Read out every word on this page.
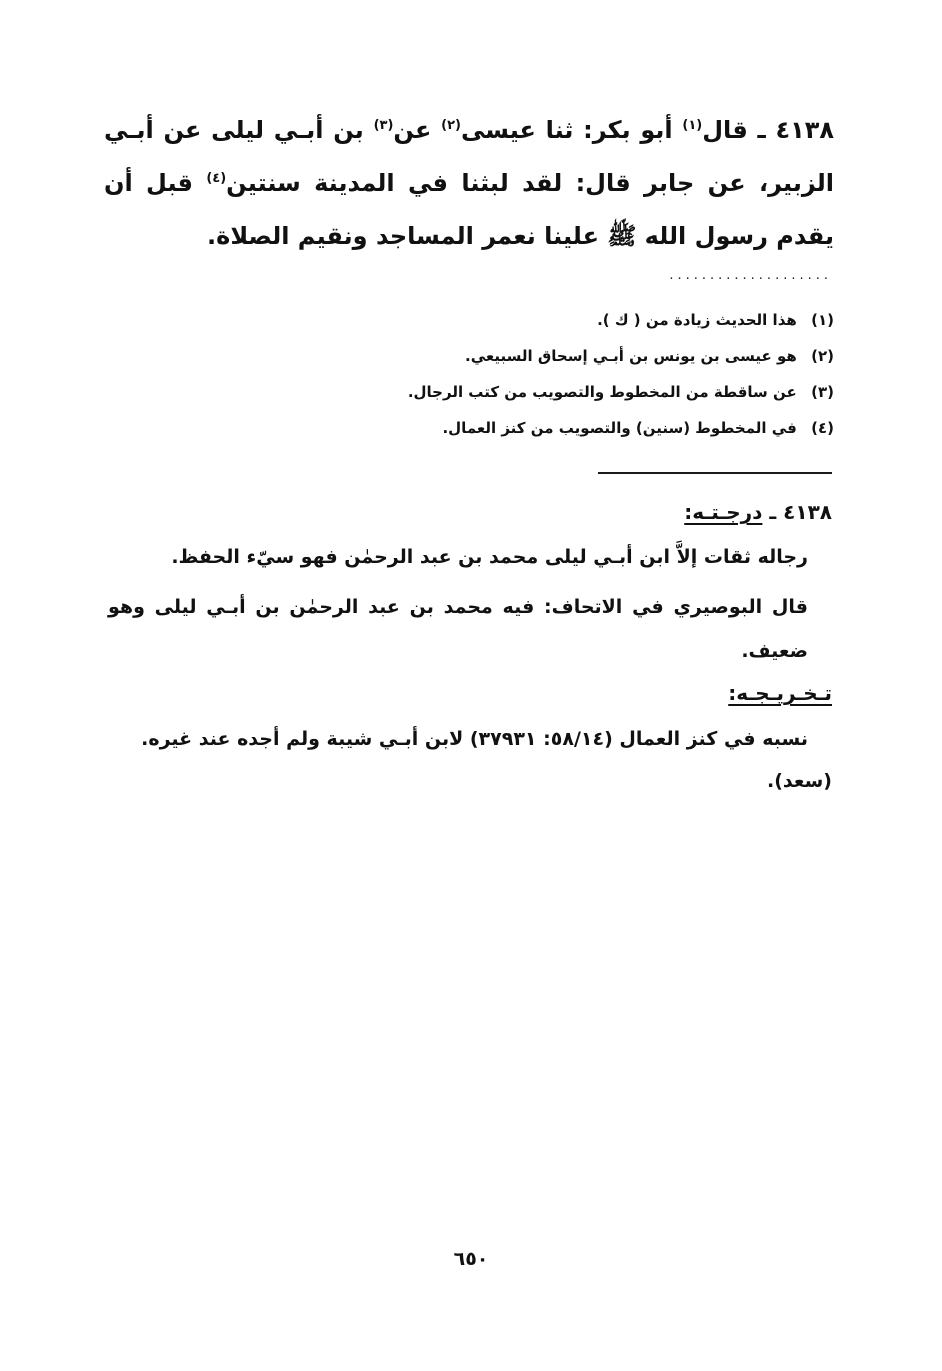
٤١٣٨ ـ قال$^{(١)}$ أبو بكر: ثنا عيسى$^{(٢)}$ عن$^{(٣)}$ بن أبـي ليلى عن أبـي الزبير، عن جابر قال: لقد لبثنا في المدينة سنتين$^{(٤)}$ قبل أن يقدم رسول الله ﷺ علينا نعمر المساجد ونقيم الصلاة.
....................
(١) هذا الحديث زيادة من ( ك ).
(٢) هو عيسى بن يونس بن أبـي إسحاق السبيعي.
(٣) عن ساقطة من المخطوط والتصويب من كتب الرجال.
(٤) في المخطوط (سنين) والتصويب من كنز العمال.
٤١٣٨ ـ درجـتـه:
رجاله ثقات إلاَّ ابن أبـي ليلى محمد بن عبد الرحمٰن فهو سيّء الحفظ.
قال البوصيري في الاتحاف: فيه محمد بن عبد الرحمٰن بن أبـي ليلى وهو ضعيف.
تـخـريـجـه:
نسبه في كنز العمال (٥٨/١٤: ٣٧٩٣١) لابن أبـي شيبة ولم أجده عند غيره.
(سعد).
٦٥٠
